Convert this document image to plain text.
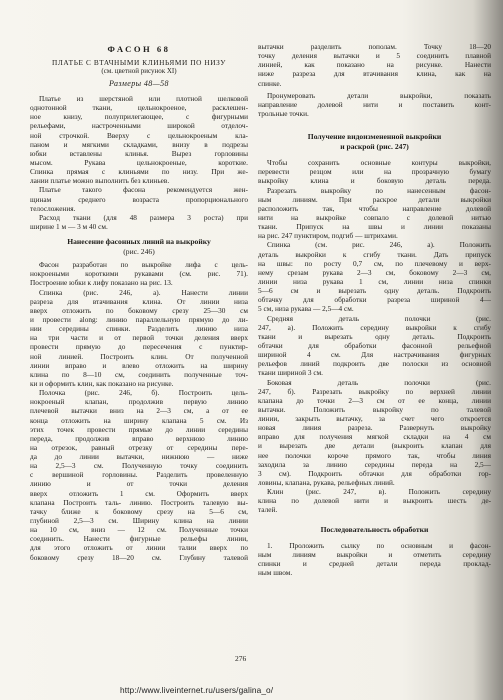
ФАСОН 68
ПЛАТЬЕ С ВТАЧНЫМИ КЛИНЬЯМИ ПО НИЗУ
(см. цветной рисунок XI)
Размеры 48—58
Платье из шерстяной или плотной шелковой
однотонной ткани, цельнокроеное, расклешен-
ное книзу, полуприлегающее, с фигурными
рельефами, настроченными широкой отделоч-
ной строчкой. Вверху с цельнокроеным кла-
паном и мягкими складками, внизу в подрезы
юбки вставлены клинья. Вырез горловины
мысом. Рукава цельнокроеные, короткие.
Спинка прямая с клиньями по низу. При же-
лании платье можно выполнить без клиньев.
Платье такого фасона рекомендуется жен-
щинам среднего возраста пропорционального
телосложения.
Расход ткани (для 48 размера 3 роста) при
ширине 1 м — 3 м 40 см.
Нанесение фасонных линий на выкройку
(рис. 246)
Фасон разработан по выкройке лифа с цель-
нокроеными короткими рукавами (см. рис. 71).
Построение юбки к лифу показано на рис. 13.
Спинка (рис. 246, а). Нанести линии
разреза для втачивания клина. От линии низа
вверх отложить по боковому срезу 25—30 см
и провести along: линию параллельную прямую до ли-
нии середины спинки. Разделить линию низа
на три части и от первой точки деления вверх
провести прямую до пересечения с пунктир-
ной линией. Построить клин. От полученной
линии вправо и влево отложить на ширину
клина по 8—10 см, соединить полученные точ-
ки и оформить клин, как показано на рисунке.
Полочка (рис. 246, б). Построить цель-
нокроеный клапан, продолжив первую линию
плечевой вытачки вниз на 2—3 см, а от ее
конца отложить на ширину клапана 5 см. Из
этих точек провести прямые до линии середины
переда, продолжив вправо верхнюю линию
на отрезок, равный отрезку от середины пере-
да до линии вытачки, нижнюю — ниже
на 2,5—3 см. Полученную точку соединить
с вершиной горловины. Разделить провеленную
линию и от точки деления
вверх отложить 1 см. Оформить вверх
клапана Построить таль- линию. Построить талевую вы-
тачку ближе к боковому срезу на 5—6 см,
глубиной 2,5—3 см. Ширину клина на линии
на 10 см, вниз — 12 см. Полученные точки
соединить. Нанести фигурные рельефы линии,
для этого отложить от линии талии вверх по
боковому срезу 18—20 см. Глубину талевой
вытачки разделить пополам. Точку 18—20
точку деления вытачки и 5 соединить плавной
линией, как показано на рисунке. Нанести
ниже разреза для втачивания клина, как на
спинке.
Пронумеровать детали выкройки, показать
направление долевой нити и поставить конт-
трольные точки.
Получение видоизмененной выкройки
и раскрой (рис. 247)
Чтобы сохранить основные контуры выкройки,
перевести резцом или на прозрачную бумагу
выкройку клина и боковую деталь переда.
Разрезать выкройку по нанесенным фасон-
ным линиям. При раскрое детали выкройки
расположить так, чтобы направление долевой
нити на выкройке совпало с долевой нитью
ткани. Припуск на швы и линии показаны
на рис. 247 пунктиром, подгиб — штрихами.
Спинка (см. рис. 246, а). Положить
деталь выкройки к сгибу ткани. Дать припуск
на швы: по росту 0,7 см, по плечевому и верх-
нему срезам рукава 2—3 см, боковому 2—3 см,
линии низа рукава 1 см, линии низа спинки
5—6 см и вырезать одну деталь. Подкроить
обтачку для обработки разреза шириной 4—
5 см, низа рукава — 2,5—4 см.
Средняя деталь полочки (рис.
247, а). Положить середину выкройки к сгибу
ткани и вырезать одну деталь. Подкроить
обтачки для обработки фасонной рельефной
шириной 4 см. Для настрачивания фигурных
рельефов линий подкроить две полоски из основной
ткани шириной 3 см.
Боковая деталь полочки (рис.
247, б). Разрезать выкройку по верхней линии
клапана до точки 2—3 см от ее конца, линии
вытачки. Положить выкройку по талевой
линии, закрыть вытачку, за счет чего откроется
новая линия разреза. Развернуть выкройку
вправо для получения мягкой складки на 4 см
и вырезать две детали (выкроить клапан для
нее полочки короче прямого так, чтобы линия
заходила за линию середины переда на 2,5—
3 см). Подкроить обтачки для обработки гор-
ловины, клапана, рукава, рельефных линий.
Клин (рис. 247, в). Положить середину
клина по долевой нити и выкроить шесть де-
талей.
Последовательность обработки
1. Проложить сылку по основным и фасон-
ным линиям выкройки и отметить середину
спинки и средней детали переда проклад-
ным швом.
276
http://www.liveinternet.ru/users/galina_o/
